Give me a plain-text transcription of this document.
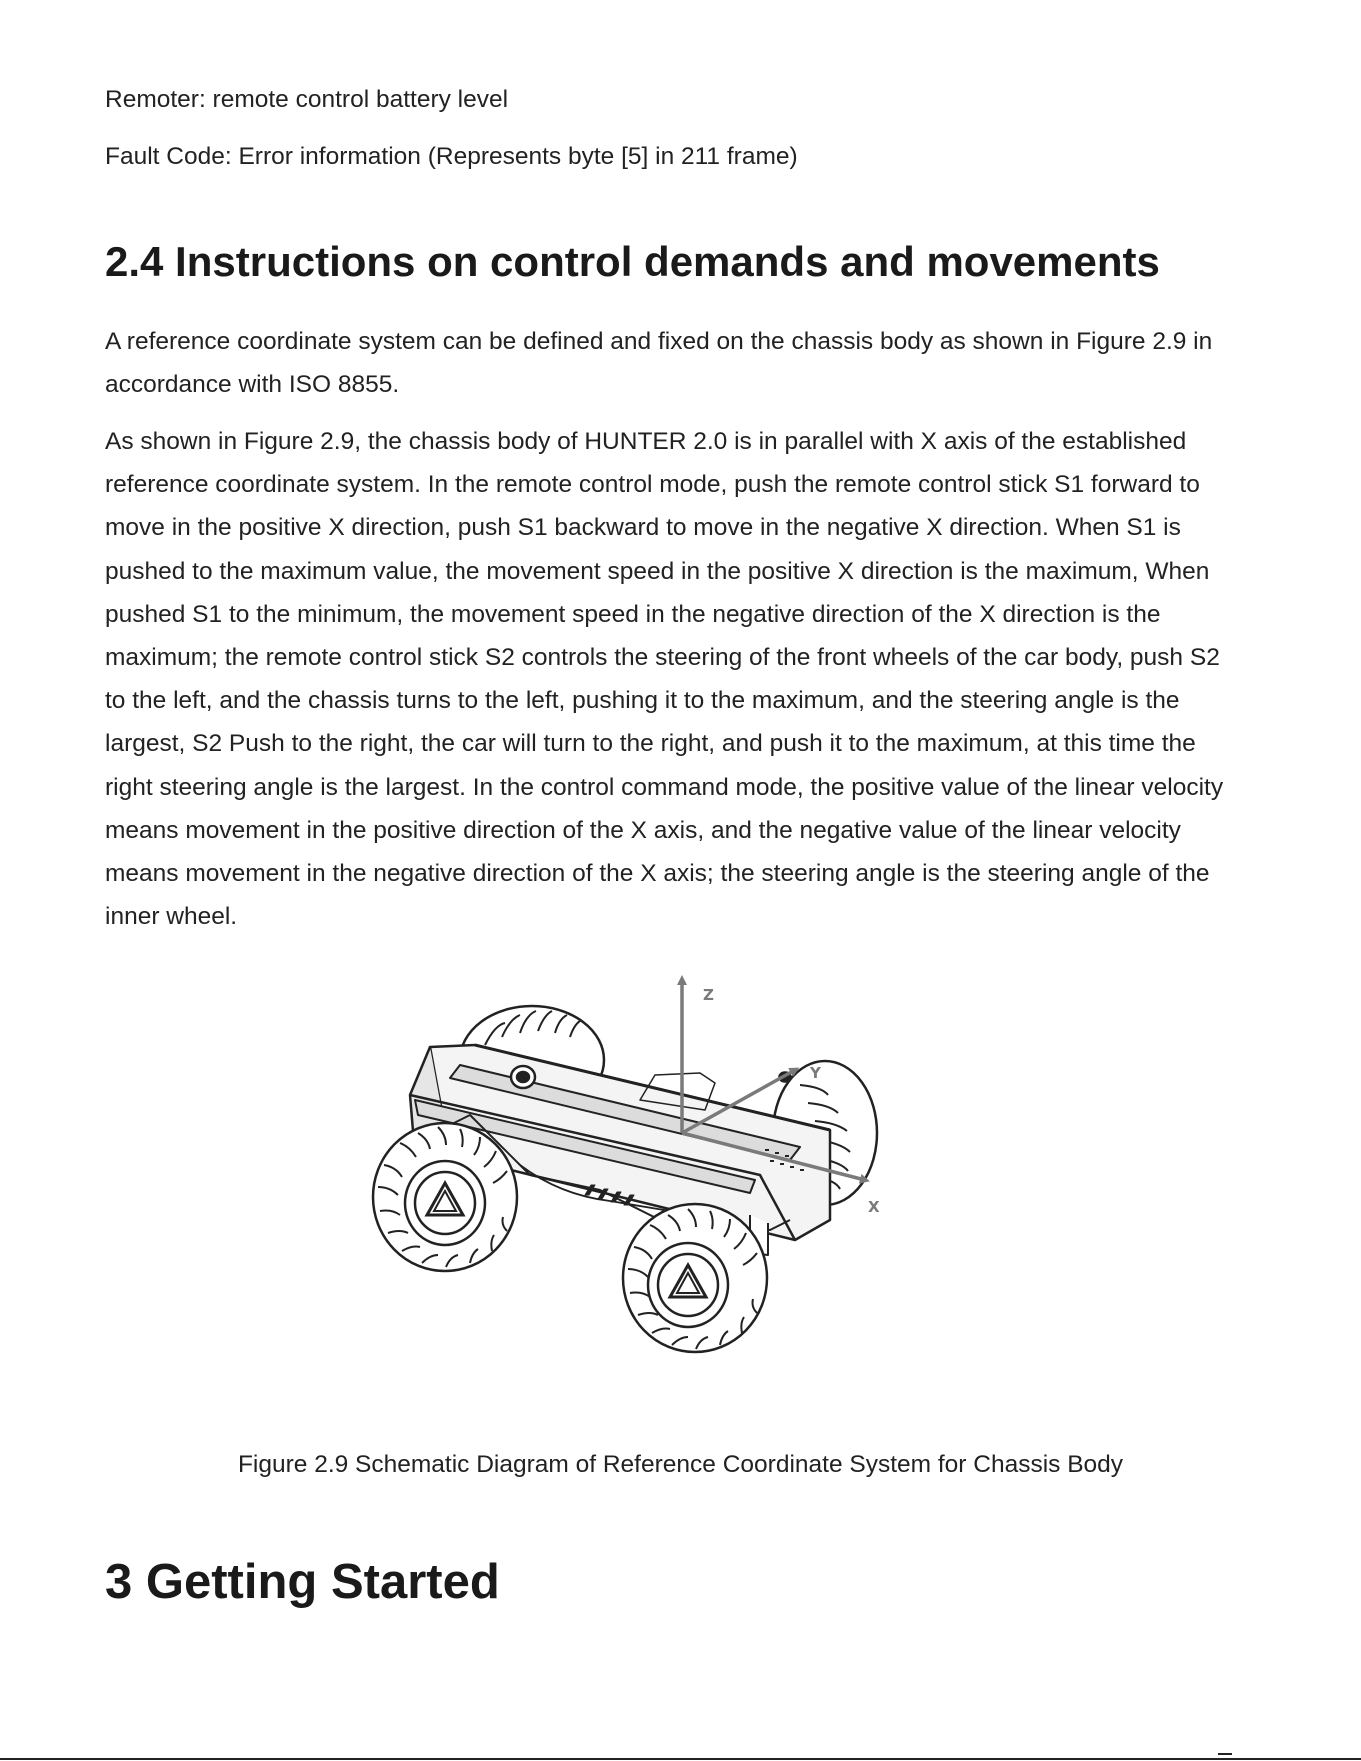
Remoter: remote control battery level
Fault Code: Error information (Represents byte [5] in 211 frame)
2.4 Instructions on control demands and movements

A reference coordinate system can be defined and fixed on the chassis body as shown in Figure 2.9 in accordance with ISO 8855.

As shown in Figure 2.9, the chassis body of HUNTER 2.0 is in parallel with X axis of the established reference coordinate system. In the remote control mode, push the remote control stick S1 forward to move in the positive X direction, push S1 backward to move in the negative X direction. When S1 is pushed to the maximum value, the movement speed in the positive X direction is the maximum, When pushed S1 to the minimum, the movement speed in the negative direction of the X direction is the maximum; the remote control stick S2 controls the steering of the front wheels of the car body, push S2 to the left, and the chassis turns to the left, pushing it to the maximum, and the steering angle is the largest, S2 Push to the right, the car will turn to the right, and push it to the maximum, at this time the right steering angle is the largest. In the control command mode, the positive value of the linear velocity means movement in the positive direction of the X axis, and the negative value of the linear velocity means movement in the negative direction of the X axis; the steering angle is the steering angle of the inner wheel.

Z
Y
X
Figure 2.9 Schematic Diagram of Reference Coordinate System for Chassis Body
3 Getting Started
